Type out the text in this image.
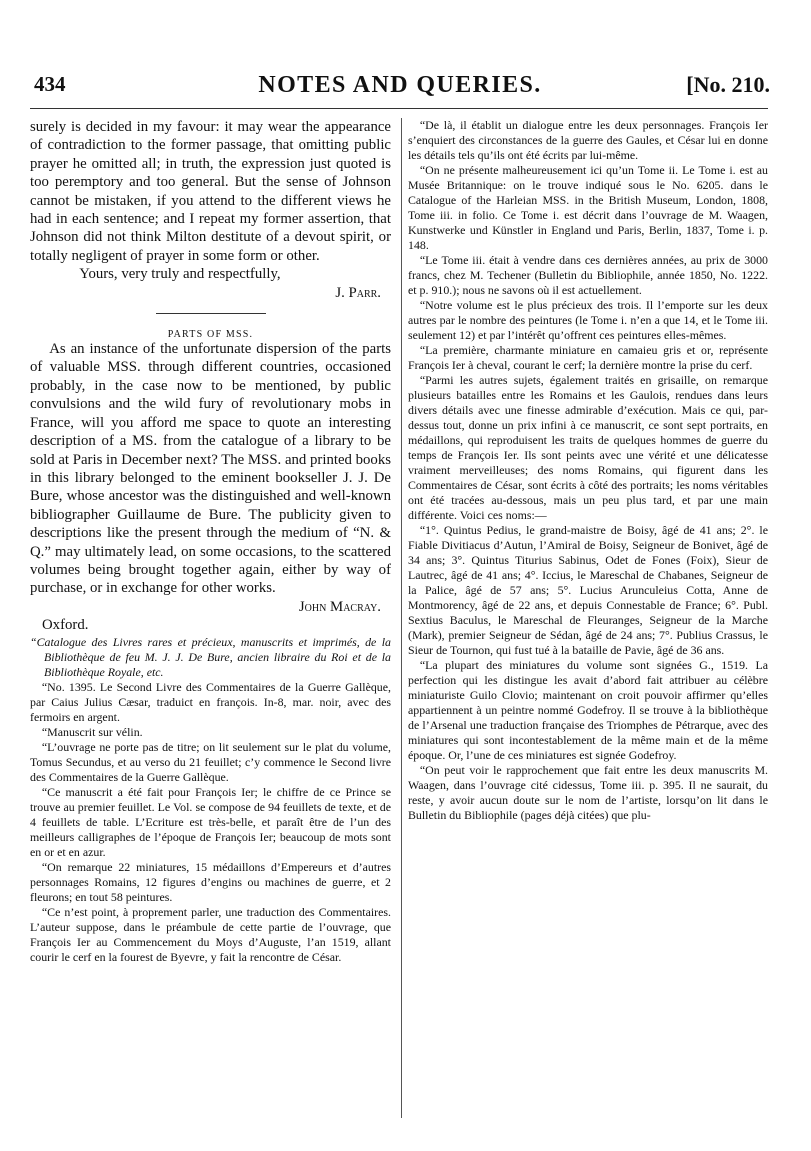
434	NOTES AND QUERIES.	[No. 210.

surely is decided in my favour: it may wear the appearance of contradiction to the former passage, that omitting public prayer he omitted all; in truth, the expression just quoted is too peremptory and too general. But the sense of Johnson cannot be mistaken, if you attend to the different views he had in each sentence; and I repeat my former assertion, that Johnson did not think Milton destitute of a devout spirit, or totally negligent of prayer in some form or other.

Yours, very truly and respectfully,

J. Parr.

PARTS OF MSS.

As an instance of the unfortunate dispersion of the parts of valuable MSS. through different countries, occasioned probably, in the case now to be mentioned, by public convulsions and the wild fury of revolutionary mobs in France, will you afford me space to quote an interesting description of a MS. from the catalogue of a library to be sold at Paris in December next? The MSS. and printed books in this library belonged to the eminent bookseller J. J. De Bure, whose ancestor was the distinguished and well-known bibliographer Guillaume de Bure. The publicity given to descriptions like the present through the medium of “N. & Q.” may ultimately lead, on some occasions, to the scattered volumes being brought together again, either by way of purchase, or in exchange for other works.

John Macray.

Oxford.

“Catalogue des Livres rares et précieux, manuscrits et imprimés, de la Bibliothèque de feu M. J. J. De Bure, ancien libraire du Roi et de la Bibliothèque Royale, etc.

“No. 1395. Le Second Livre des Commentaires de la Guerre Gallèque, par Caius Julius Cæsar, traduict en françois. In-8, mar. noir, avec des fermoirs en argent.

“Manuscrit sur vélin.

“L’ouvrage ne porte pas de titre; on lit seulement sur le plat du volume, Tomus Secundus, et au verso du 21 feuillet; c’y commence le Second livre des Commentaires de la Guerre Gallèque.

“Ce manuscrit a été fait pour François Ier; le chiffre de ce Prince se trouve au premier feuillet. Le Vol. se compose de 94 feuillets de texte, et de 4 feuillets de table. L’Ecriture est très-belle, et paraît être de l’un des meilleurs calligraphes de l’époque de François Ier; beaucoup de mots sont en or et en azur.

“On remarque 22 miniatures, 15 médaillons d’Empereurs et d’autres personnages Romains, 12 figures d’engins ou machines de guerre, et 2 fleurons; en tout 58 peintures.

“Ce n’est point, à proprement parler, une traduction des Commentaires. L’auteur suppose, dans le préambule de cette partie de l’ouvrage, que François Ier au Commencement du Moys d’Auguste, l’an 1519, allant courir le cerf en la fourest de Byevre, y fait la rencontre de César.

“De là, il établit un dialogue entre les deux personnages. François Ier s’enquiert des circonstances de la guerre des Gaules, et César lui en donne les détails tels qu’ils ont été écrits par lui-même.

“On ne présente malheureusement ici qu’un Tome ii. Le Tome i. est au Musée Britannique: on le trouve indiqué sous le No. 6205. dans le Catalogue of the Harleian MSS. in the British Museum, London, 1808, Tome iii. in folio. Ce Tome i. est décrit dans l’ouvrage de M. Waagen, Kunstwerke und Künstler in England und Paris, Berlin, 1837, Tome i. p. 148.

“Le Tome iii. était à vendre dans ces dernières années, au prix de 3000 francs, chez M. Techener (Bulletin du Bibliophile, année 1850, No. 1222. et p. 910.); nous ne savons où il est actuellement.

“Notre volume est le plus précieux des trois. Il l’emporte sur les deux autres par le nombre des peintures (le Tome i. n’en a que 14, et le Tome iii. seulement 12) et par l’intérêt qu’offrent ces peintures elles-mêmes.

“La première, charmante miniature en camaieu gris et or, représente François Ier à cheval, courant le cerf; la dernière montre la prise du cerf.

“Parmi les autres sujets, également traités en grisaille, on remarque plusieurs batailles entre les Romains et les Gaulois, rendues dans leurs divers détails avec une finesse admirable d’exécution. Mais ce qui, par-dessus tout, donne un prix infini à ce manuscrit, ce sont sept portraits, en médaillons, qui reproduisent les traits de quelques hommes de guerre du temps de François Ier. Ils sont peints avec une vérité et une délicatesse vraiment merveilleuses; des noms Romains, qui figurent dans les Commentaires de César, sont écrits à côté des portraits; les noms véritables ont été tracées au-dessous, mais un peu plus tard, et par une main différente. Voici ces noms:—

“1°. Quintus Pedius, le grand-maistre de Boisy, âgé de 41 ans; 2°. le Fiable Divitiacus d’Autun, l’Amiral de Boisy, Seigneur de Bonivet, âgé de 34 ans; 3°. Quintus Titurius Sabinus, Odet de Fones (Foix), Sieur de Lautrec, âgé de 41 ans; 4°. Iccius, le Mareschal de Chabanes, Seigneur de la Palice, âgé de 57 ans; 5°. Lucius Arunculeius Cotta, Anne de Montmorency, âgé de 22 ans, et depuis Connestable de France; 6°. Publ. Sextius Baculus, le Mareschal de Fleuranges, Seigneur de la Marche (Mark), premier Seigneur de Sédan, âgé de 24 ans; 7°. Publius Crassus, le Sieur de Tournon, qui fust tué à la bataille de Pavie, âgé de 36 ans.

“La plupart des miniatures du volume sont signées G., 1519. La perfection qui les distingue les avait d’abord fait attribuer au célèbre miniaturiste Guilo Clovio; maintenant on croit pouvoir affirmer qu’elles appartiennent à un peintre nommé Godefroy. Il se trouve à la bibliothèque de l’Arsenal une traduction française des Triomphes de Pétrarque, avec des miniatures qui sont incontestablement de la même main et de la même époque. Or, l’une de ces miniatures est signée Godefroy.

“On peut voir le rapprochement que fait entre les deux manuscrits M. Waagen, dans l’ouvrage cité cidessus, Tome iii. p. 395. Il ne saurait, du reste, y avoir aucun doute sur le nom de l’artiste, lorsqu’on lit dans le Bulletin du Bibliophile (pages déjà citées) que plu-
